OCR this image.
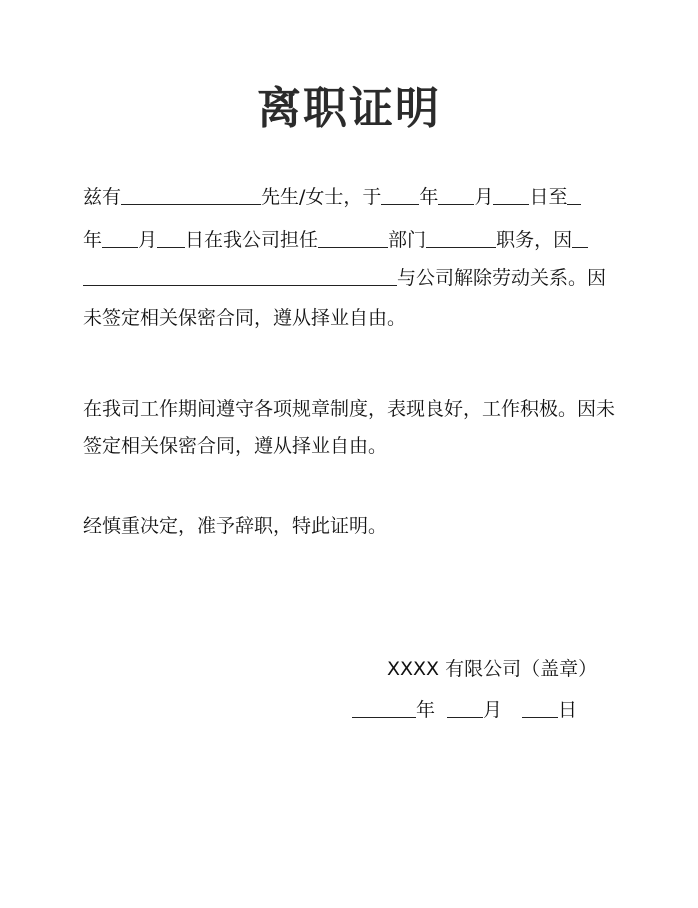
离职证明
兹有	先生/女士，于 年 月 日至
年 月 日在我公司担任	部门	职务，因
与公司解除劳动关系。因
未签定相关保密合同，遵从择业自由。
在我司工作期间遵守各项规章制度，表现良好，工作积极。因未
签定相关保密合同，遵从择业自由。
经慎重决定，准予辞职，特此证明。
XXXX 有限公司（盖章）
年	月	日
